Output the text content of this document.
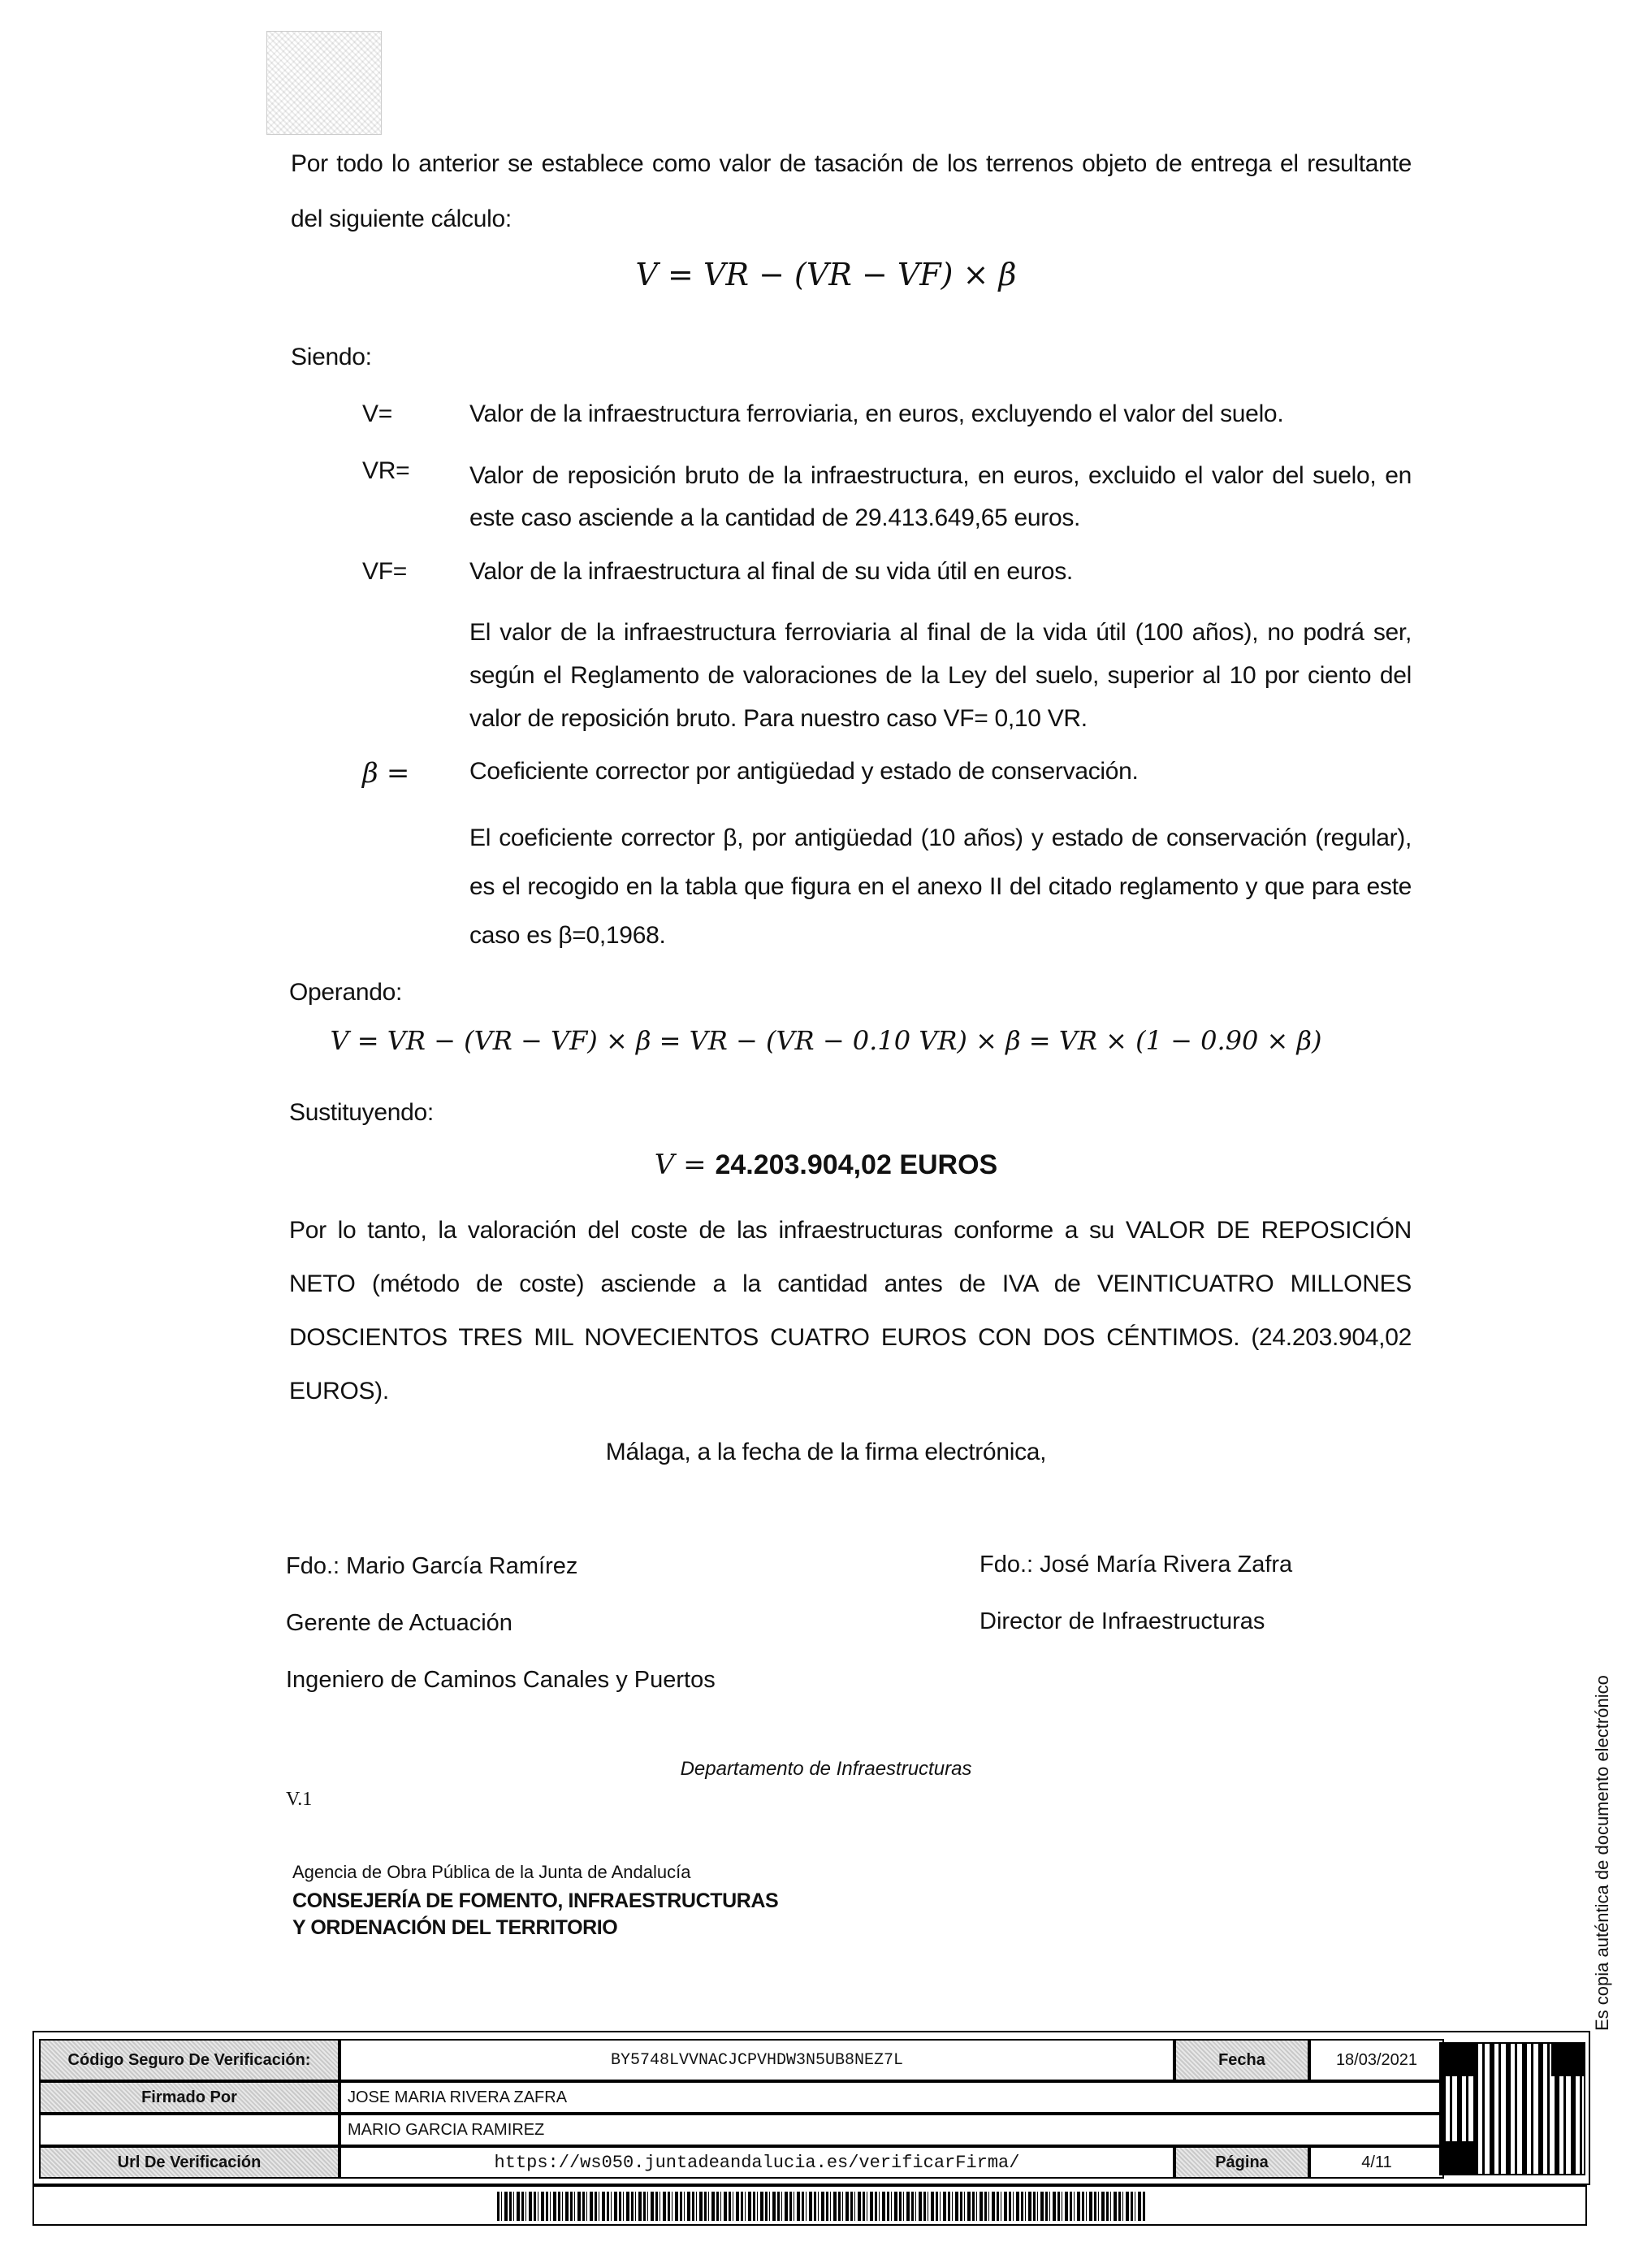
Por todo lo anterior se establece como valor de tasación de los terrenos objeto de entrega el resultante del siguiente cálculo:
V = VR − (VR − VF) × β
Siendo:
V=	Valor de la infraestructura ferroviaria, en euros, excluyendo el valor del suelo.
VR=	Valor de reposición bruto de la infraestructura, en euros, excluido el valor del suelo, en este caso asciende a la cantidad de 29.413.649,65 euros.
VF=	Valor de la infraestructura al final de su vida útil en euros.
El valor de la infraestructura ferroviaria al final de la vida útil (100 años), no podrá ser, según el Reglamento de valoraciones de la Ley del suelo, superior al 10 por ciento del valor de reposición bruto. Para nuestro caso VF= 0,10 VR.
β =	Coeficiente corrector por antigüedad y estado de conservación.
El coeficiente corrector β, por antigüedad (10 años) y estado de conservación (regular), es el recogido en la tabla que figura en el anexo II del citado reglamento y que para este caso es β=0,1968.
Operando:
V = VR − (VR − VF) × β = VR − (VR − 0.10 VR) × β = VR × (1 − 0.90 × β)
Sustituyendo:
V = 24.203.904,02 EUROS
Por lo tanto, la valoración del coste de las infraestructuras conforme a su VALOR DE REPOSICIÓN NETO (método de coste) asciende a la cantidad antes de IVA de VEINTICUATRO MILLONES DOSCIENTOS TRES MIL NOVECIENTOS CUATRO EUROS CON DOS CÉNTIMOS. (24.203.904,02 EUROS).
Málaga, a la fecha de la firma electrónica,
Fdo.: Mario García Ramírez
Gerente de Actuación
Ingeniero de Caminos Canales y Puertos
Fdo.: José María Rivera Zafra
Director de Infraestructuras
Departamento de Infraestructuras
V.1
Agencia de Obra Pública de la Junta de Andalucía
CONSEJERÍA DE FOMENTO, INFRAESTRUCTURAS
Y ORDENACIÓN DEL TERRITORIO	Es copia auténtica de documento electrónico
Código Seguro De Verificación:	BY5748LVVNACJCPVHDW3N5UB8NEZ7L	Fecha	18/03/2021
Firmado Por	JOSE MARIA RIVERA ZAFRA
MARIO GARCIA RAMIREZ
Url De Verificación	https://ws050.juntadeandalucia.es/verificarFirma/	Página	4/11
